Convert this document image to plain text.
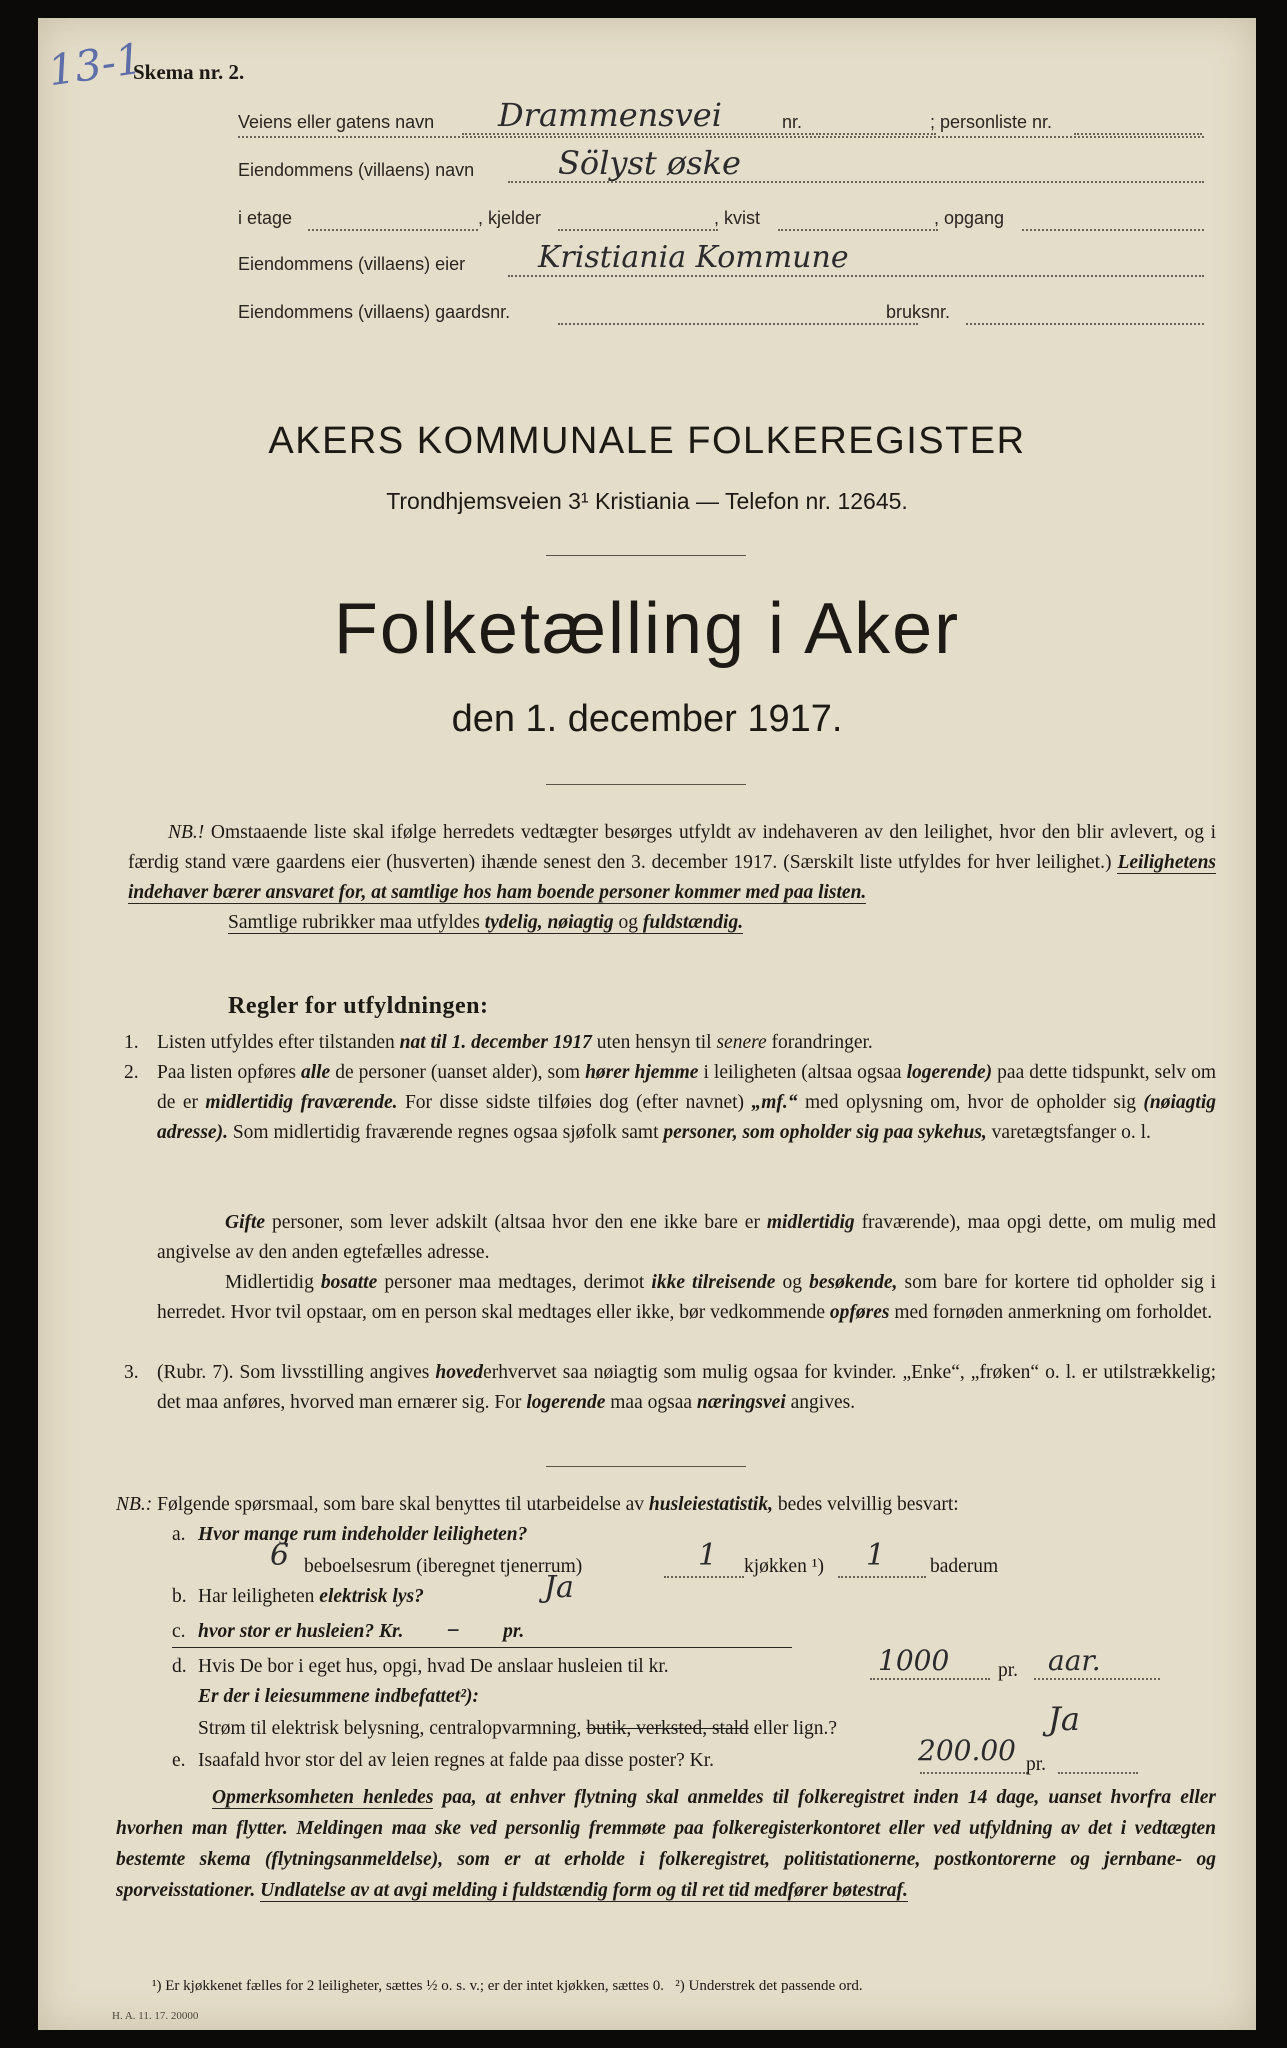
13-1
Skema nr. 2.
Veiens eller gatens navn Drammensvei	nr.	; personliste nr.
Eiendommens (villaens) navn	Sölyst øske
i etage	, kjelder	, kvist	, opgang
Eiendommens (villaens) eier Kristiania Kommune
Eiendommens (villaens) gaardsnr.	bruksnr.
AKERS KOMMUNALE FOLKEREGISTER
Trondhjemsveien 3¹ Kristiania — Telefon nr. 12645.
Folketælling i Aker
den 1. december 1917.
NB.! Omstaaende liste skal ifølge herredets vedtægter besørges utfyldt av indehaveren av den leilighet, hvor den blir avlevert, og i færdig stand være gaardens eier (husverten) ihænde senest den 3. december 1917. (Særskilt liste utfyldes for hver leilighet.) Leilighetens indehaver bærer ansvaret for, at samtlige hos ham boende personer kommer med paa listen.
Samtlige rubrikker maa utfyldes tydelig, nøiagtig og fuldstændig.
Regler for utfyldningen:
1. Listen utfyldes efter tilstanden nat til 1. december 1917 uten hensyn til senere forandringer.
2. Paa listen opføres alle de personer (uanset alder), som hører hjemme i leiligheten (altsaa ogsaa logerende) paa dette tidspunkt, selv om de er midlertidig fraværende. For disse sidste tilføies dog (efter navnet) „mf.“ med oplysning om, hvor de opholder sig (nøiagtig adresse). Som midlertidig fraværende regnes ogsaa sjøfolk samt personer, som opholder sig paa sykehus, varetægtsfanger o. l.
Gifte personer, som lever adskilt (altsaa hvor den ene ikke bare er midlertidig fraværende), maa opgi dette, om mulig med angivelse av den anden egtefælles adresse.
Midlertidig bosatte personer maa medtages, derimot ikke tilreisende og besøkende, som bare for kortere tid opholder sig i herredet. Hvor tvil opstaar, om en person skal medtages eller ikke, bør vedkommende opføres med fornøden anmerkning om forholdet.
3. (Rubr. 7). Som livsstilling angives hovederhvervet saa nøiagtig som mulig ogsaa for kvinder. „Enke“, „frøken“ o. l. er utilstrækkelig; det maa anføres, hvorved man ernærer sig. For logerende maa ogsaa næringsvei angives.
NB.: Følgende spørsmaal, som bare skal benyttes til utarbeidelse av husleiestatistik, bedes velvillig besvart:
a. Hvor mange rum indeholder leiligheten?
6 beboelsesrum (iberegnet tjenerrum)	1 kjøkken ¹) 1 baderum
b. Har leiligheten elektrisk lys?	Ja
c. hvor stor er husleien? Kr. – pr.
d. Hvis De bor i eget hus, opgi, hvad De anslaar husleien til kr.	1000 pr. aar.
Er der i leiesummene indbefattet²):
Strøm til elektrisk belysning, centralopvarmning, butik, verksted, stald eller lign.?	Ja
e. Isaafald hvor stor del av leien regnes at falde paa disse poster? Kr.	200.00 pr.
Opmerksomheten henledes paa, at enhver flytning skal anmeldes til folkeregistret inden 14 dage, uanset hvorfra eller hvorhen man flytter. Meldingen maa ske ved personlig fremmøte paa folkeregisterkontoret eller ved utfyldning av det i vedtægten bestemte skema (flytningsanmeldelse), som er at erholde i folkeregistret, politistationerne, postkontorerne og jernbane- og sporveisstationer. Undlatelse av at avgi melding i fuldstændig form og til ret tid medfører bøtestraf.
¹) Er kjøkkenet fælles for 2 leiligheter, sættes ½ o. s. v.; er der intet kjøkken, sættes 0.   ²) Understrek det passende ord.
H. A. 11. 17. 20000
